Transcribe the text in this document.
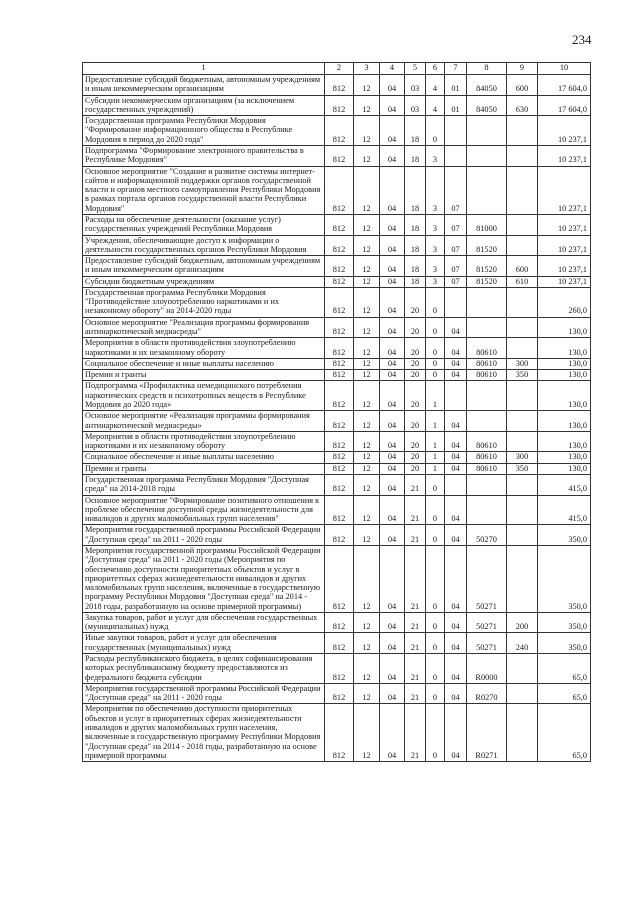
234
1	2	3	4	5	6	7	8	9	10
Предоставление субсидий бюджетным, автономным учреждениям и иным некоммерческим организациям	812	12	04	03	4	01	84050	600	17 604,0
Субсидии некоммерческим организациям (за исключением государственных учреждений)	812	12	04	03	4	01	84050	630	17 604,0
Государственная программа Республики Мордовия "Формирование информационного общества в Республике Мордовия в период до 2020 года"	812	12	04	18	0				10 237,1
Подпрограмма "Формирование электронного правительства в Республике Мордовия"	812	12	04	18	3				10 237,1
Основное мероприятие "Создание и развитие системы интернет-сайтов и информационной поддержки органов государственной власти и органов местного самоуправления Республики Мордовия в рамках портала органов государственной власти Республики Мордовия"	812	12	04	18	3	07			10 237,1
Расходы на обеспечение деятельности (оказание услуг) государственных учреждений Республики Мордовия	812	12	04	18	3	07	81000		10 237,1
Учреждения, обеспечивающие доступ к информации о деятельности государственных органов Республики Мордовия	812	12	04	18	3	07	81520		10 237,1
Предоставление субсидий бюджетным, автономным учреждениям и иным некоммерческим организациям	812	12	04	18	3	07	81520	600	10 237,1
Субсидии бюджетным учреждениям	812	12	04	18	3	07	81520	610	10 237,1
Государственная программа Республики Мордовия "Противодействие злоупотреблению наркотиками и их незаконному обороту" на 2014-2020 годы	812	12	04	20	0				260,0
Основное мероприятие "Реализация программы формирования антинаркотической медиасреды"	812	12	04	20	0	04			130,0
Мероприятия в области противодействия злоупотреблению наркотиками и их незаконному обороту	812	12	04	20	0	04	80610		130,0
Социальное обеспечение и иные выплаты населению	812	12	04	20	0	04	80610	300	130,0
Премии и гранты	812	12	04	20	0	04	80610	350	130,0
Подпрограмма «Профилактика немедицинского потребления наркотических средств и психотропных веществ в Республике Мордовия до 2020 года»	812	12	04	20	1				130,0
Основное мероприятие «Реализация программы формирования антинаркотической медиасреды»	812	12	04	20	1	04			130,0
Мероприятия в области противодействия злоупотреблению наркотиками и их незаконному обороту	812	12	04	20	1	04	80610		130,0
Социальное обеспечение и иные выплаты населению	812	12	04	20	1	04	80610	300	130,0
Премии и гранты	812	12	04	20	1	04	80610	350	130,0
Государственная программа Республики Мордовия "Доступная среда" на 2014-2018 годы	812	12	04	21	0				415,0
Основное мероприятие "Формирование позитивного отношения к проблеме обеспечения доступной среды жизнедеятельности для инвалидов и других маломобильных групп населения"	812	12	04	21	0	04			415,0
Мероприятия государственной программы Российской Федерации "Доступная среда" на 2011 - 2020 годы	812	12	04	21	0	04	50270		350,0
Мероприятия государственной программы Российской Федерации "Доступная среда" на 2011 - 2020 годы (Мероприятия по обеспечению доступности приоритетных объектов и услуг в приоритетных сферах жизнедеятельности инвалидов и других маломобильных групп населения, включенные в государственную программу Республики Мордовия "Доступная среда" на 2014 - 2018 годы, разработанную на основе примерной программы)	812	12	04	21	0	04	50271		350,0
Закупка товаров, работ и услуг для обеспечения государственных (муниципальных) нужд	812	12	04	21	0	04	50271	200	350,0
Иные закупки товаров, работ и услуг для обеспечения государственных (муниципальных) нужд	812	12	04	21	0	04	50271	240	350,0
Расходы республиканского бюджета, в целях софинансирования которых республиканскому бюджету предоставляются из федерального бюджета субсидии	812	12	04	21	0	04	R0000		65,0
Мероприятия государственной программы Российской Федерации "Доступная среда" на 2011 - 2020 годы	812	12	04	21	0	04	R0270		65,0
Мероприятия по обеспечению доступности приоритетных объектов и услуг в приоритетных сферах жизнедеятельности инвалидов и других маломобильных групп населения, включенные в государственную программу Республики Мордовия "Доступная среда" на 2014 - 2018 годы, разработанную на основе примерной программы	812	12	04	21	0	04	R0271		65,0
